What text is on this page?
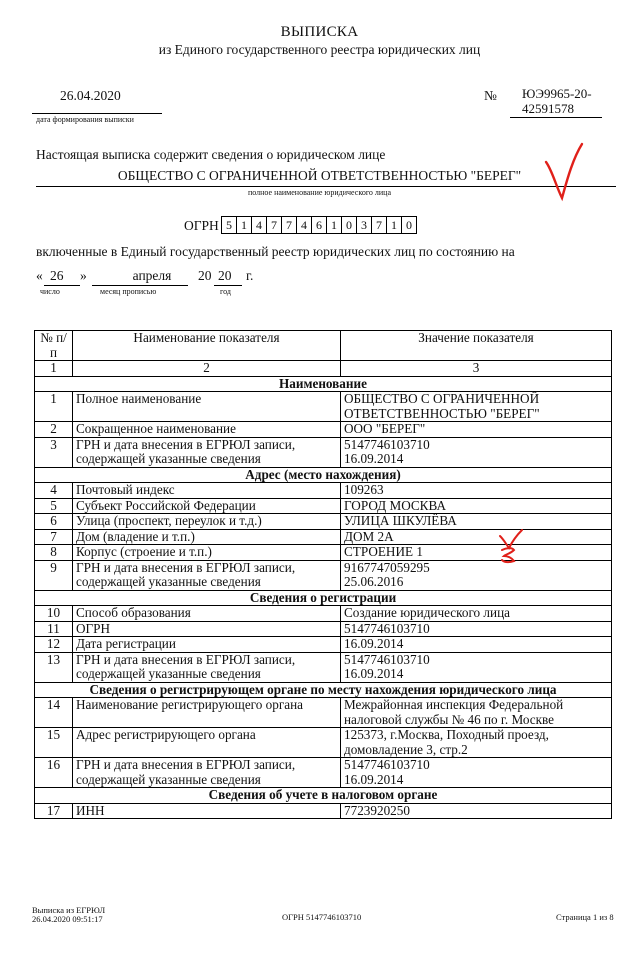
ВЫПИСКА
из Единого государственного реестра юридических лиц
26.04.2020
дата формирования выписки
№ ЮЭ9965-20-42591578
Настоящая выписка содержит сведения о юридическом лице
ОБЩЕСТВО С ОГРАНИЧЕННОЙ ОТВЕТСТВЕННОСТЬЮ "БЕРЕГ"
полное наименование юридического лица
ОГРН 5 1 4 7 7 4 6 1 0 3 7 1 0
включенные в Единый государственный реестр юридических лиц по состоянию на
« 26 »	апреля	20 20 г.
число	месяц прописью	год
№ п/п	Наименование показателя	Значение показателя
1	2	3
Наименование		
1	Полное наименование	ОБЩЕСТВО С ОГРАНИЧЕННОЙ ОТВЕТСТВЕННОСТЬЮ "БЕРЕГ"
2	Сокращенное наименование	ООО "БЕРЕГ"
3	ГРН и дата внесения в ЕГРЮЛ записи, содержащей указанные сведения	5147746103710
16.09.2014

Адрес (место нахождения)		
4	Почтовый индекс	109263
5	Субъект Российской Федерации	ГОРОД МОСКВА
6	Улица (проспект, переулок и т.д.)	УЛИЦА ШКУЛЁВА
7	Дом (владение и т.п.)	ДОМ 2А
8	Корпус (строение и т.п.)	СТРОЕНИЕ 1
9	ГРН и дата внесения в ЕГРЮЛ записи, содержащей указанные сведения	9167747059295
25.06.2016

Сведения о регистрации		
10	Способ образования	Создание юридического лица
11	ОГРН	5147746103710
12	Дата регистрации	16.09.2014
13	ГРН и дата внесения в ЕГРЮЛ записи, содержащей указанные сведения	5147746103710
16.09.2014

Сведения о регистрирующем органе по месту нахождения юридического лица		
14	Наименование регистрирующего органа	Межрайонная инспекция Федеральной налоговой службы № 46 по г. Москве
15	Адрес регистрирующего органа	125373, г.Москва, Походный проезд, домовладение 3, стр.2
16	ГРН и дата внесения в ЕГРЮЛ записи, содержащей указанные сведения	5147746103710
16.09.2014

Сведения об учете в налоговом органе		
17	ИНН	7723920250
Выписка из ЕГРЮЛ
26.04.2020 09:51:17	ОГРН 5147746103710	Страница 1 из 8
